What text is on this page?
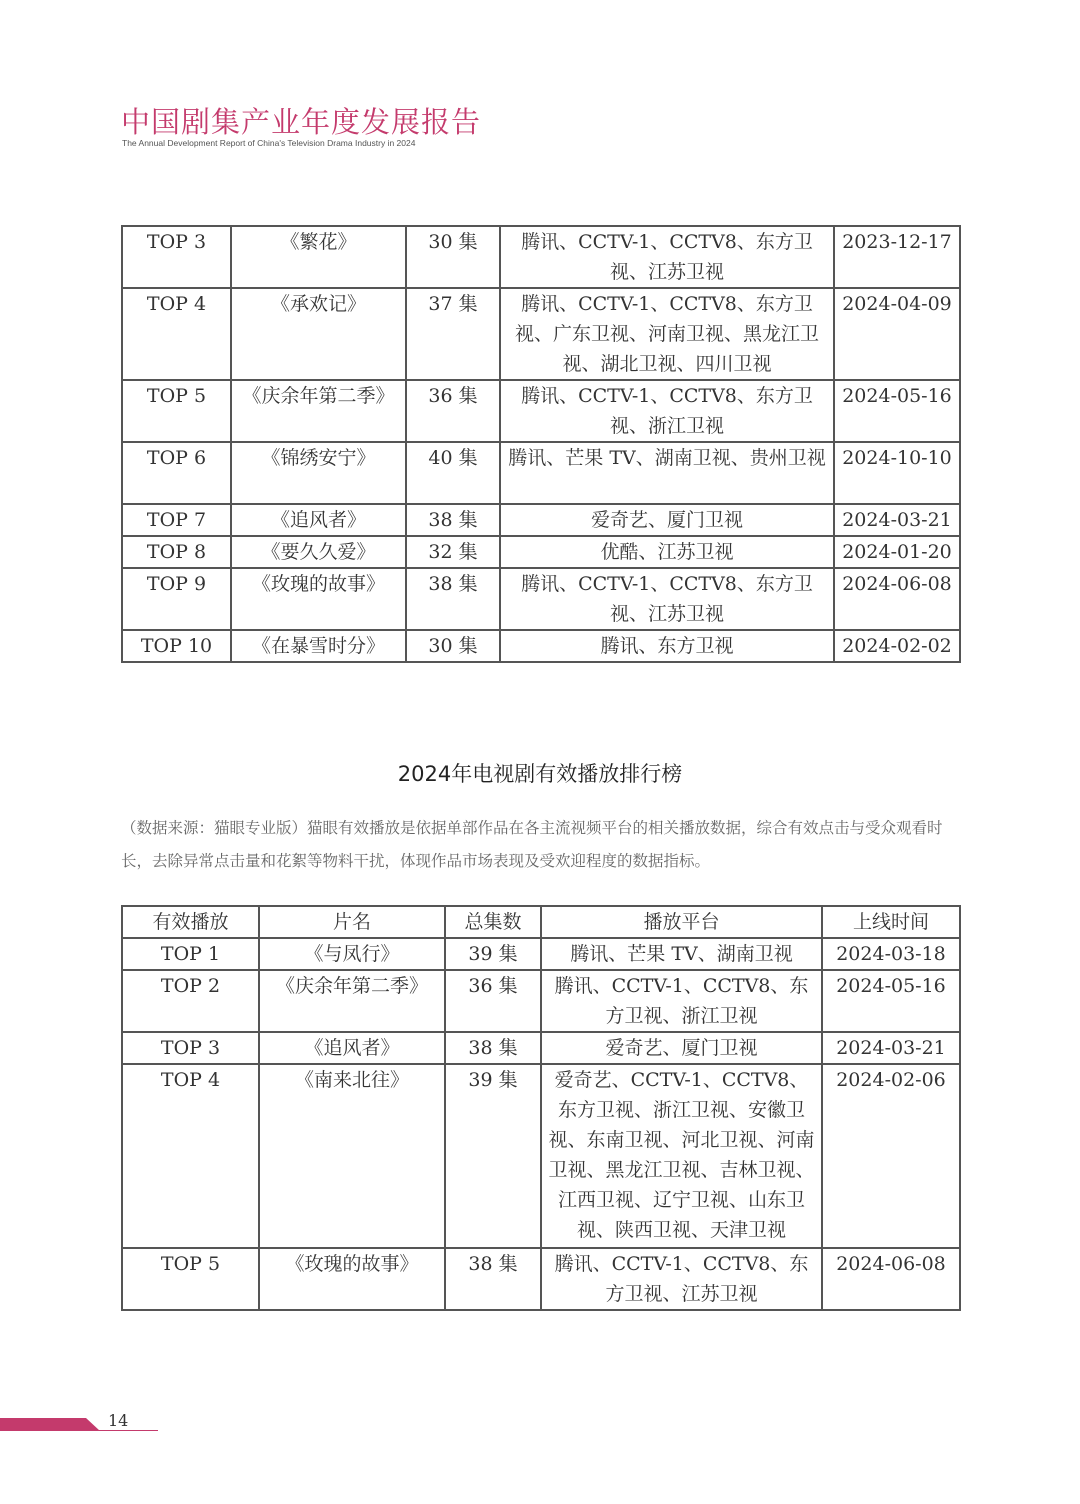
中国剧集产业年度发展报告
The Annual Development Report of China's Television Drama Industry in 2024
TOP 3	《繁花》	30 集	腾讯、CCTV-1、CCTV8、东方卫视、江苏卫视	2023-12-17
TOP 4	《承欢记》	37 集	腾讯、CCTV-1、CCTV8、东方卫视、广东卫视、河南卫视、黑龙江卫视、湖北卫视、四川卫视	2024-04-09
TOP 5	《庆余年第二季》	36 集	腾讯、CCTV-1、CCTV8、东方卫视、浙江卫视	2024-05-16
TOP 6	《锦绣安宁》	40 集	腾讯、芒果 TV、湖南卫视、贵州卫视	2024-10-10
TOP 7	《追风者》	38 集	爱奇艺、厦门卫视	2024-03-21
TOP 8	《要久久爱》	32 集	优酷、江苏卫视	2024-01-20
TOP 9	《玫瑰的故事》	38 集	腾讯、CCTV-1、CCTV8、东方卫视、江苏卫视	2024-06-08
TOP 10	《在暴雪时分》	30 集	腾讯、东方卫视	2024-02-02
2024年电视剧有效播放排行榜
（数据来源：猫眼专业版）猫眼有效播放是依据单部作品在各主流视频平台的相关播放数据，综合有效点击与受众观看时长，去除异常点击量和花絮等物料干扰，体现作品市场表现及受欢迎程度的数据指标。
有效播放	片名	总集数	播放平台	上线时间
TOP 1	《与凤行》	39 集	腾讯、芒果 TV、湖南卫视	2024-03-18
TOP 2	《庆余年第二季》	36 集	腾讯、CCTV-1、CCTV8、东方卫视、浙江卫视	2024-05-16
TOP 3	《追风者》	38 集	爱奇艺、厦门卫视	2024-03-21
TOP 4	《南来北往》	39 集	爱奇艺、CCTV-1、CCTV8、东方卫视、浙江卫视、安徽卫视、东南卫视、河北卫视、河南卫视、黑龙江卫视、吉林卫视、江西卫视、辽宁卫视、山东卫视、陕西卫视、天津卫视	2024-02-06
TOP 5	《玫瑰的故事》	38 集	腾讯、CCTV-1、CCTV8、东方卫视、江苏卫视	2024-06-08
14
